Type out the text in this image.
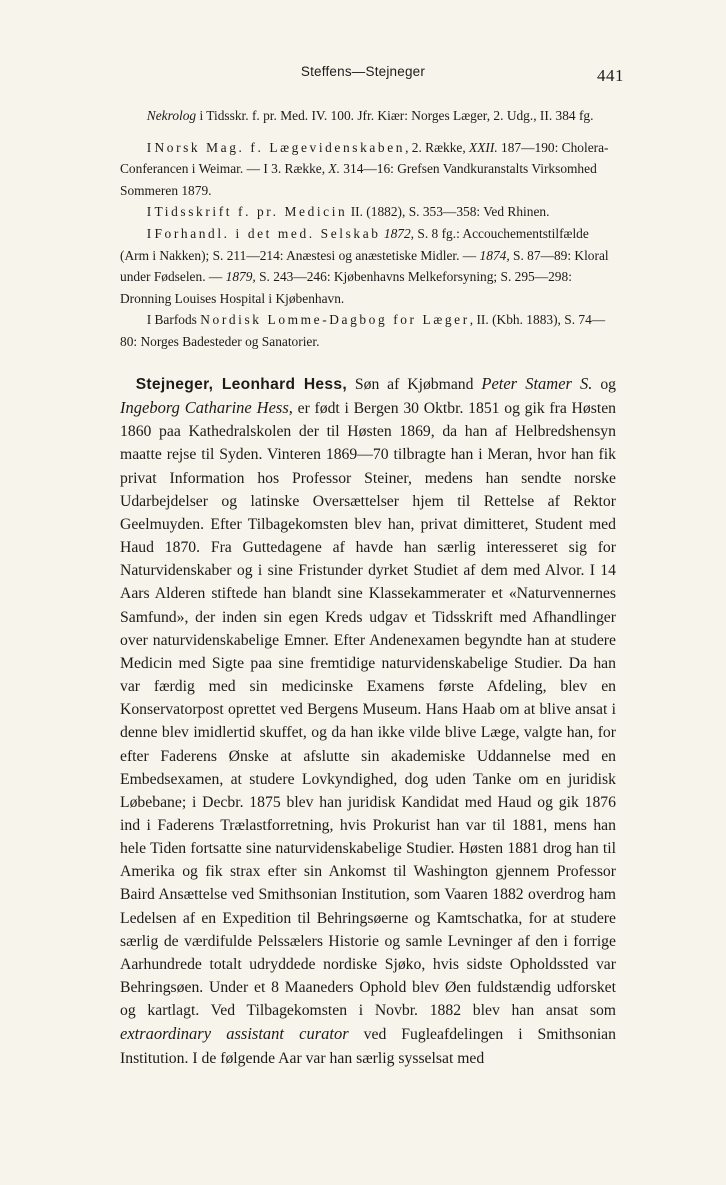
Steffens—Stejneger	441

  Nekrolog i Tidsskr. f. pr. Med. IV. 100. Jfr. Kiær: Norges Læger, 2. Udg., II. 384 fg.

  I Norsk Mag. f. Lægevidenskaben, 2. Række, XXII. 187—190: Cholera-Conferancen i Weimar. — I 3. Række, X. 314—16: Grefsen Vandkuranstalts Virksomhed Sommeren 1879.

  I Tidsskrift f. pr. Medicin II. (1882), S. 353—358: Ved Rhinen.

  I Forhandl. i det med. Selskab 1872, S. 8 fg.: Accouchementstilfælde (Arm i Nakken); S. 211—214: Anæstesi og anæstetiske Midler. — 1874, S. 87—89: Kloral under Fødselen. — 1879, S. 243—246: Kjøbenhavns Melkeforsyning; S. 295—298: Dronning Louises Hospital i Kjøbenhavn.

  I Barfods Nordisk Lomme-Dagbog for Læger, II. (Kbh. 1883), S. 74—80: Norges Badesteder og Sanatorier.

 Stejneger, Leonhard Hess, Søn af Kjøbmand Peter Stamer S. og Ingeborg Catharine Hess, er født i Bergen 30 Oktbr. 1851 og gik fra Høsten 1860 paa Kathedralskolen der til Høsten 1869, da han af Helbredshensyn maatte rejse til Syden. Vinteren 1869—70 tilbragte han i Meran, hvor han fik privat Information hos Professor Steiner, medens han sendte norske Udarbejdelser og latinske Oversættelser hjem til Rettelse af Rektor Geelmuyden. Efter Tilbagekomsten blev han, privat dimitteret, Student med Haud 1870. Fra Guttedagene af havde han særlig interesseret sig for Naturvidenskaber og i sine Fristunder dyrket Studiet af dem med Alvor. I 14 Aars Alderen stiftede han blandt sine Klassekammerater et «Naturvennernes Samfund», der inden sin egen Kreds udgav et Tidsskrift med Afhandlinger over naturvidenskabelige Emner. Efter Andenexamen begyndte han at studere Medicin med Sigte paa sine fremtidige naturvidenskabelige Studier. Da han var færdig med sin medicinske Examens første Afdeling, blev en Konservatorpost oprettet ved Bergens Museum. Hans Haab om at blive ansat i denne blev imidlertid skuffet, og da han ikke vilde blive Læge, valgte han, for efter Faderens Ønske at afslutte sin akademiske Uddannelse med en Embedsexamen, at studere Lovkyndighed, dog uden Tanke om en juridisk Løbebane; i Decbr. 1875 blev han juridisk Kandidat med Haud og gik 1876 ind i Faderens Trælastforretning, hvis Prokurist han var til 1881, mens han hele Tiden fortsatte sine naturvidenskabelige Studier. Høsten 1881 drog han til Amerika og fik strax efter sin Ankomst til Washington gjennem Professor Baird Ansættelse ved Smithsonian Institution, som Vaaren 1882 overdrog ham Ledelsen af en Expedition til Behringsøerne og Kamtschatka, for at studere særlig de værdifulde Pelssælers Historie og samle Levninger af den i forrige Aarhundrede totalt udryddede nordiske Sjøko, hvis sidste Opholdssted var Behringsøen. Under et 8 Maaneders Ophold blev Øen fuldstændig udforsket og kartlagt. Ved Tilbagekomsten i Novbr. 1882 blev han ansat som extraordinary assistant curator ved Fugleafdelingen i Smithsonian Institution. I de følgende Aar var han særlig sysselsat med
